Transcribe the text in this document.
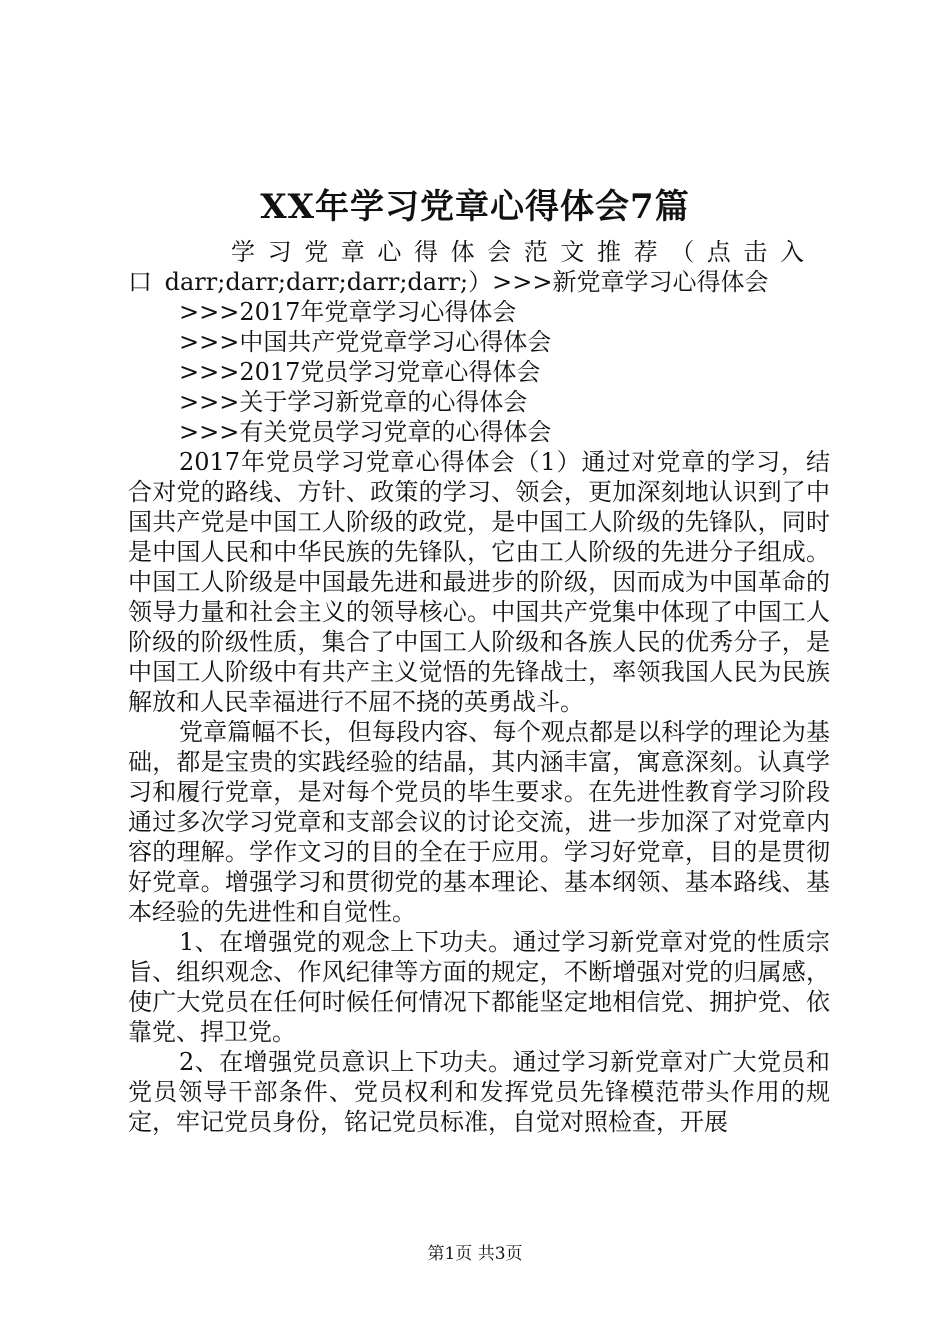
XX年学习党章心得体会7篇

学习党章心得体会范文推荐（点击入口darr;darr;darr;darr;darr;）>>>新党章学习心得体会

>>>2017年党章学习心得体会
>>>中国共产党党章学习心得体会
>>>2017党员学习党章心得体会
>>>关于学习新党章的心得体会
>>>有关党员学习党章的心得体会

2017年党员学习党章心得体会（1）通过对党章的学习，结合对党的路线、方针、政策的学习、领会，更加深刻地认识到了中国共产党是中国工人阶级的政党，是中国工人阶级的先锋队，同时是中国人民和中华民族的先锋队，它由工人阶级的先进分子组成。中国工人阶级是中国最先进和最进步的阶级，因而成为中国革命的领导力量和社会主义的领导核心。中国共产党集中体现了中国工人阶级的阶级性质，集合了中国工人阶级和各族人民的优秀分子，是中国工人阶级中有共产主义觉悟的先锋战士，率领我国人民为民族解放和人民幸福进行不屈不挠的英勇战斗。

党章篇幅不长，但每段内容、每个观点都是以科学的理论为基础，都是宝贵的实践经验的结晶，其内涵丰富，寓意深刻。认真学习和履行党章，是对每个党员的毕生要求。在先进性教育学习阶段通过多次学习党章和支部会议的讨论交流，进一步加深了对党章内容的理解。学作文习的目的全在于应用。学习好党章，目的是贯彻好党章。增强学习和贯彻党的基本理论、基本纲领、基本路线、基本经验的先进性和自觉性。

1、在增强党的观念上下功夫。通过学习新党章对党的性质宗旨、组织观念、作风纪律等方面的规定，不断增强对党的归属感，使广大党员在任何时候任何情况下都能坚定地相信党、拥护党、依靠党、捍卫党。

2、在增强党员意识上下功夫。通过学习新党章对广大党员和党员领导干部条件、党员权利和发挥党员先锋模范带头作用的规定，牢记党员身份，铭记党员标准，自觉对照检查，开展

第1页 共3页
